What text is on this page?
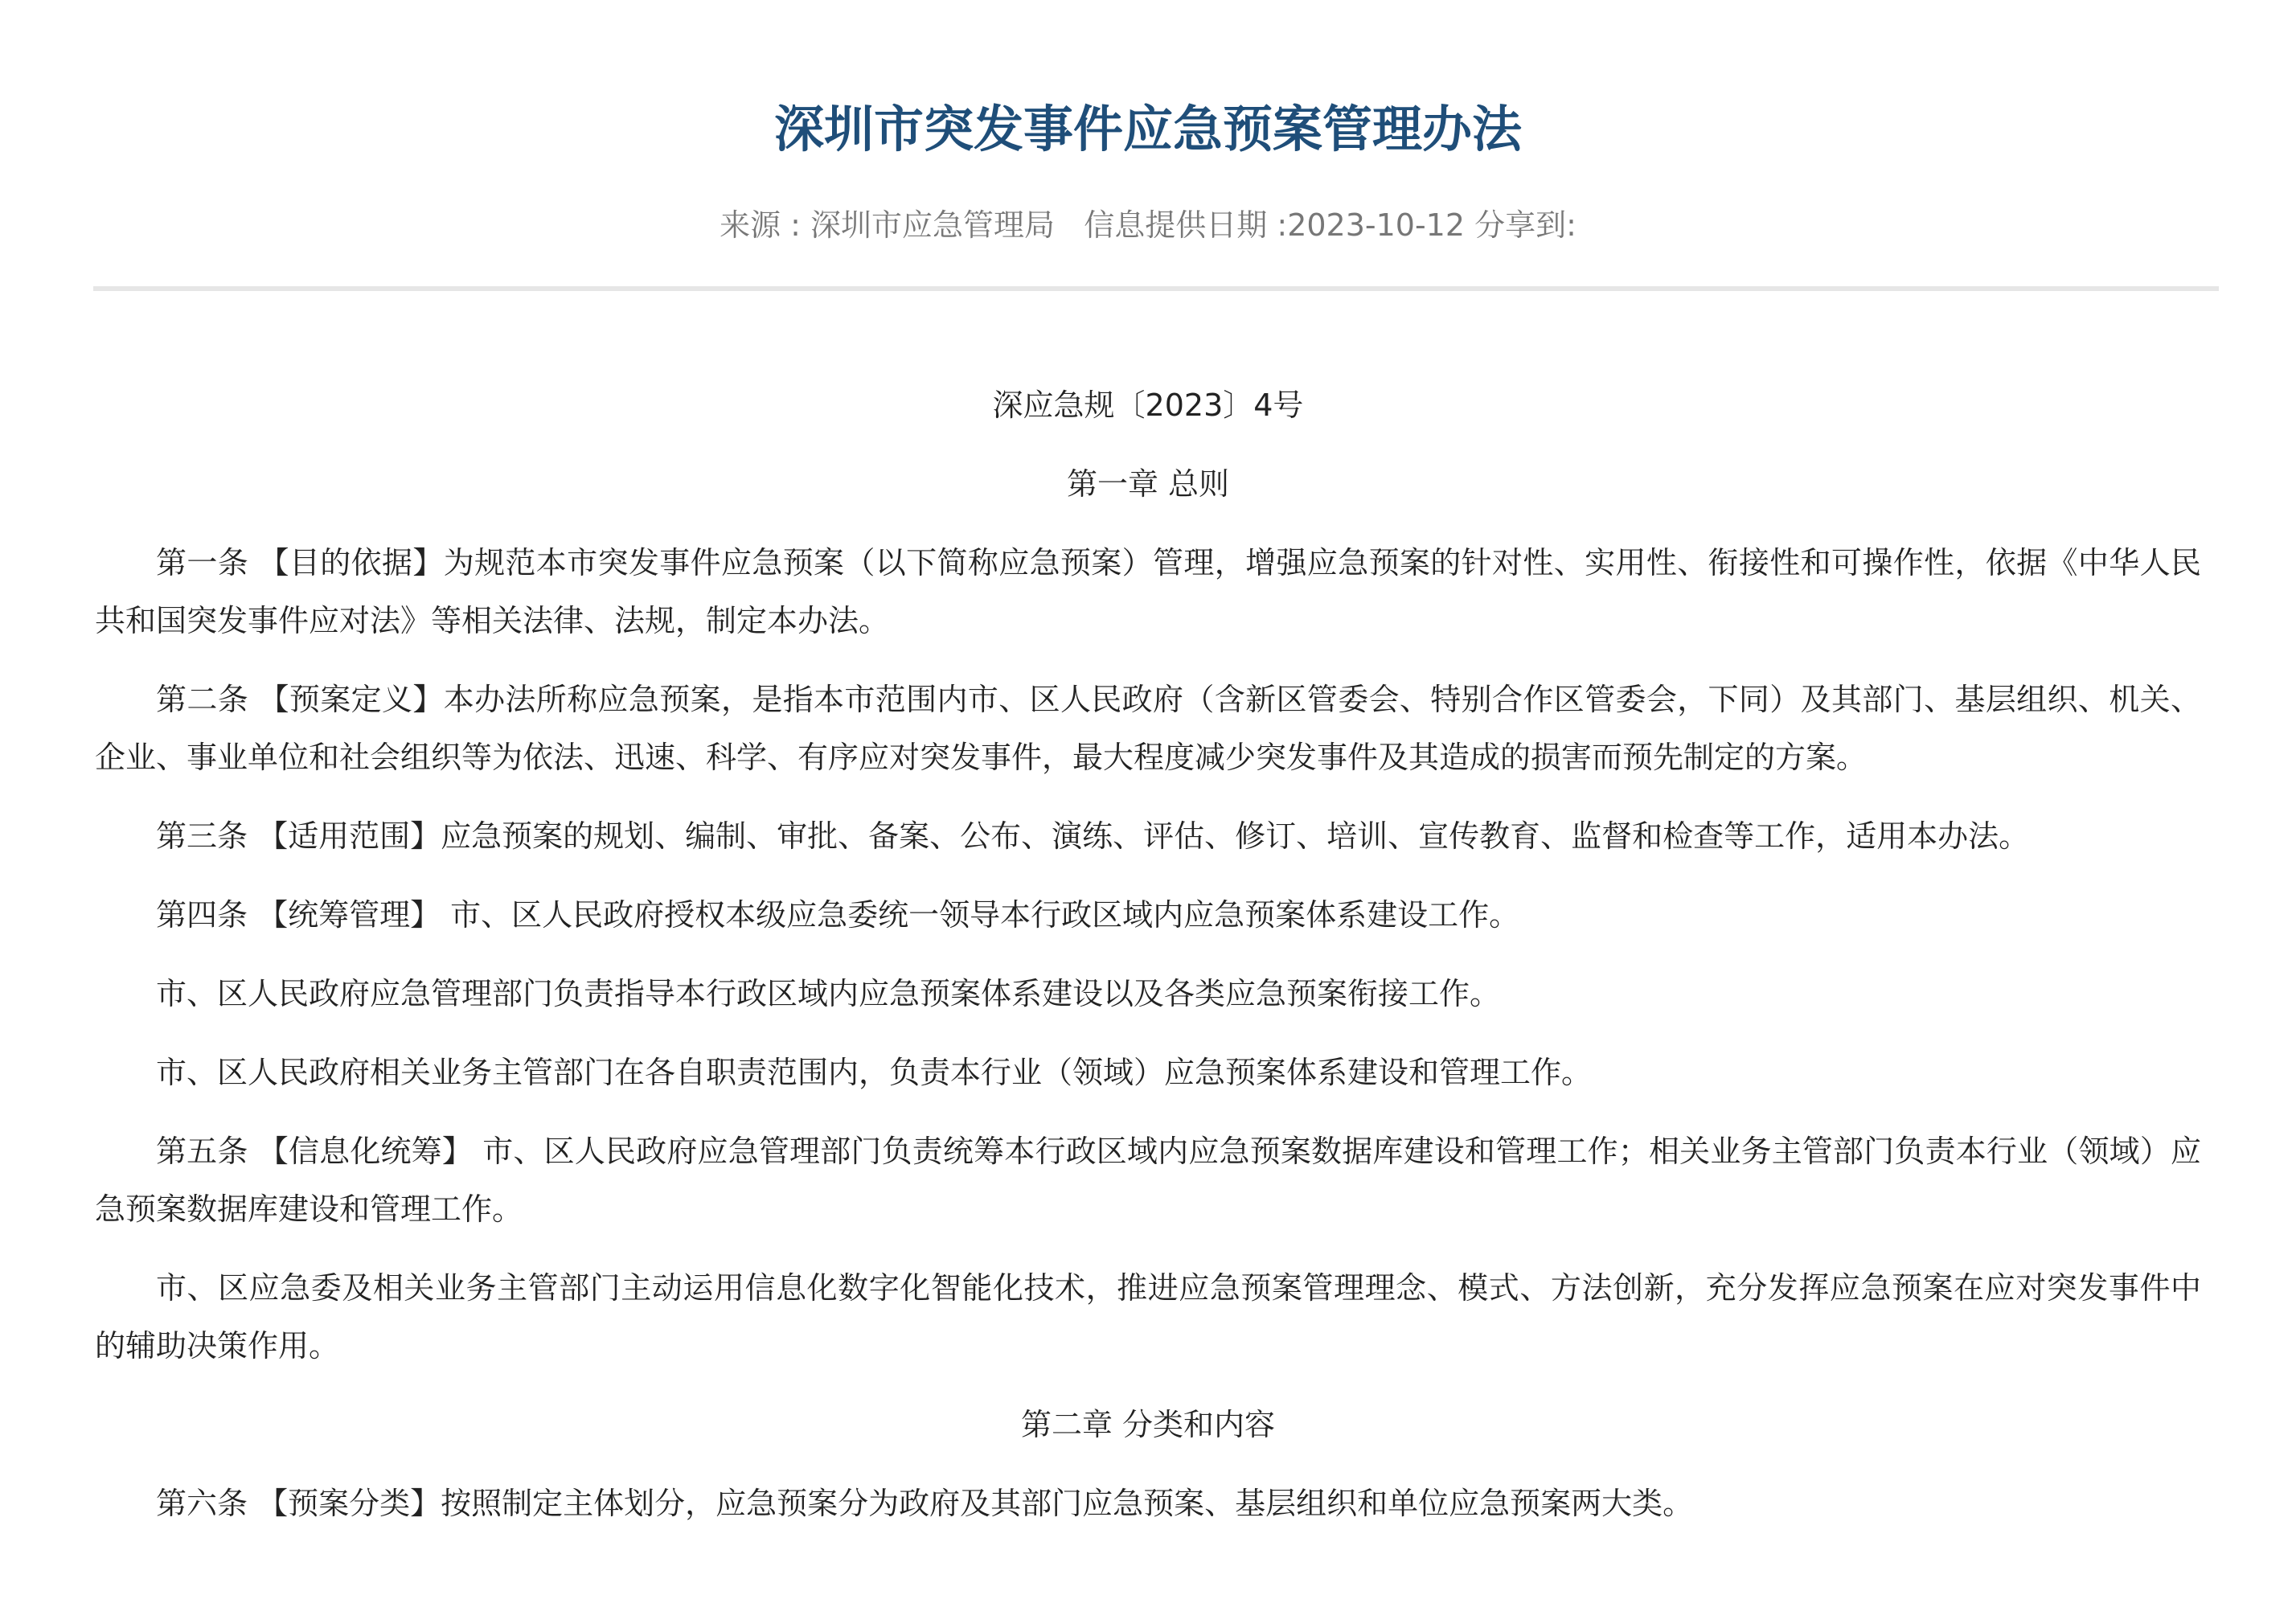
深圳市突发事件应急预案管理办法
来源 : 深圳市应急管理局 信息提供日期 :2023-10-12 分享到:

深应急规〔2023〕4号

第一章 总则

第一条 【目的依据】为规范本市突发事件应急预案（以下简称应急预案）管理，增强应急预案的针对性、实用性、衔接性和可操作性，依据《中华人民共和国突发事件应对法》等相关法律、法规，制定本办法。

第二条 【预案定义】本办法所称应急预案，是指本市范围内市、区人民政府（含新区管委会、特别合作区管委会，下同）及其部门、基层组织、机关、企业、事业单位和社会组织等为依法、迅速、科学、有序应对突发事件，最大程度减少突发事件及其造成的损害而预先制定的方案。

第三条 【适用范围】应急预案的规划、编制、审批、备案、公布、演练、评估、修订、培训、宣传教育、监督和检查等工作，适用本办法。

第四条 【统筹管理】 市、区人民政府授权本级应急委统一领导本行政区域内应急预案体系建设工作。

市、区人民政府应急管理部门负责指导本行政区域内应急预案体系建设以及各类应急预案衔接工作。

市、区人民政府相关业务主管部门在各自职责范围内，负责本行业（领域）应急预案体系建设和管理工作。

第五条 【信息化统筹】 市、区人民政府应急管理部门负责统筹本行政区域内应急预案数据库建设和管理工作；相关业务主管部门负责本行业（领域）应急预案数据库建设和管理工作。

市、区应急委及相关业务主管部门主动运用信息化数字化智能化技术，推进应急预案管理理念、模式、方法创新，充分发挥应急预案在应对突发事件中的辅助决策作用。

第二章 分类和内容

第六条 【预案分类】按照制定主体划分，应急预案分为政府及其部门应急预案、基层组织和单位应急预案两大类。
